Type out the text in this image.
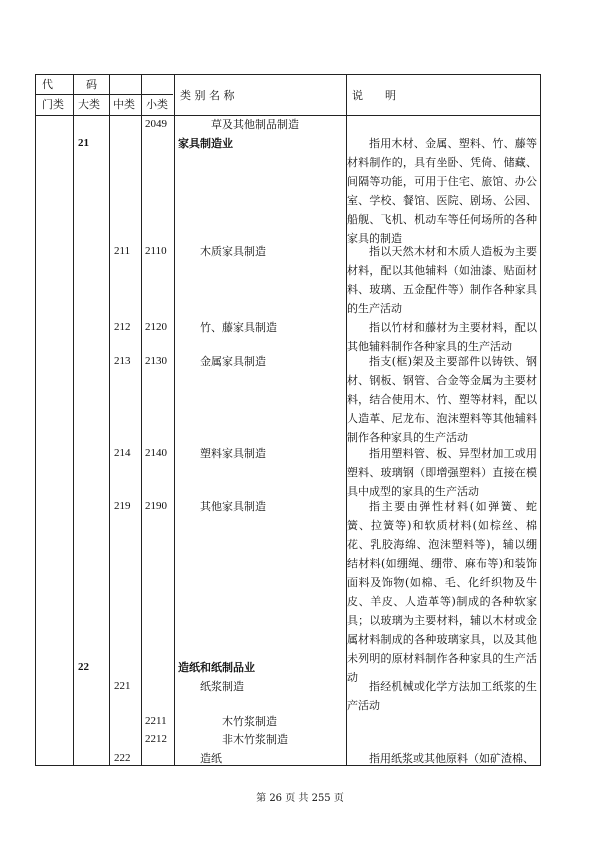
代　　　码
门类 大类 中类 小类
类 别 名 称	说　　明
2049	草及其他制品制造
21	家具制造业	指用木材、金属、塑料、竹、藤等材料制作的，具有坐卧、凭倚、储藏、间隔等功能，可用于住宅、旅馆、办公室、学校、餐馆、医院、剧场、公园、船舰、飞机、机动车等任何场所的各种家具的制造

211 2110	木质家具制造	指以天然木材和木质人造板为主要材料，配以其他辅料（如油漆、贴面材料、玻璃、五金配件等）制作各种家具的生产活动

212 2120	竹、藤家具制造	指以竹材和藤材为主要材料，配以其他辅料制作各种家具的生产活动

213 2130	金属家具制造	指支(框)架及主要部件以铸铁、钢材、钢板、钢管、合金等金属为主要材料，结合使用木、竹、塑等材料，配以人造革、尼龙布、泡沫塑料等其他辅料制作各种家具的生产活动

214 2140	塑料家具制造	指用塑料管、板、异型材加工或用塑料、玻璃钢（即增强塑料）直接在模具中成型的家具的生产活动

219 2190	其他家具制造	指主要由弹性材料(如弹簧、蛇簧、拉簧等)和软质材料(如棕丝、棉花、乳胶海绵、泡沫塑料等)，辅以绷结材料(如绷绳、绷带、麻布等)和装饰面料及饰物(如棉、毛、化纤织物及牛皮、羊皮、人造革等)制成的各种软家具；以玻璃为主要材料，辅以木材或金属材料制成的各种玻璃家具，以及其他未列明的原材料制作各种家具的生产活动

22	造纸和纸制品业
221	纸浆制造	指经机械或化学方法加工纸浆的生产活动

2211	木竹浆制造
2212	非木竹浆制造
222	造纸	指用纸浆或其他原料（如矿渣棉、

第 26 页 共 255 页
